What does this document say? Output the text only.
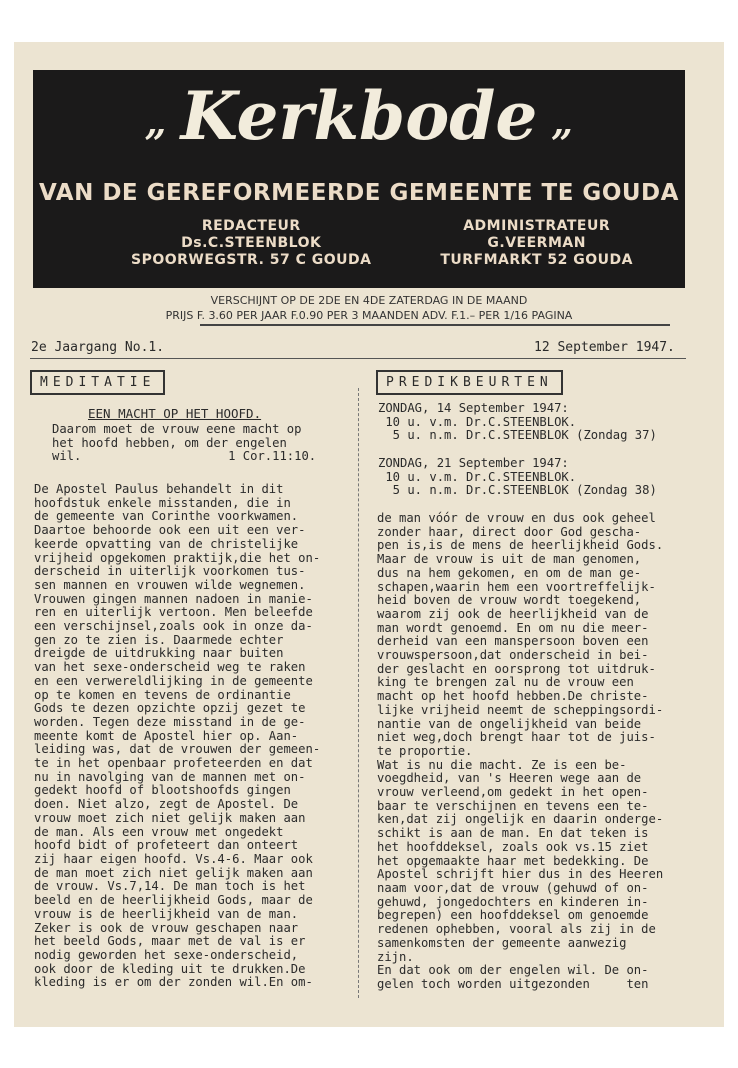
„ Kerkbode „
VAN DE GEREFORMEERDE GEMEENTE TE GOUDA
REDACTEUR
Ds.C.STEENBLOK
SPOORWEGSTR. 57 C GOUDA
ADMINISTRATEUR
G.VEERMAN
TURFMARKT 52 GOUDA
VERSCHIJNT OP DE 2DE EN 4DE ZATERDAG IN DE MAAND
PRIJS F. 3.60 PER JAAR F.0.90 PER 3 MAANDEN ADV. F.1.– PER 1/16 PAGINA
2e Jaargang No.1.	12 September 1947.
MEDITATIE	PREDIKBEURTEN
EEN MACHT OP HET HOOFD.
Daarom moet de vrouw eene macht op
het hoofd hebben, om der engelen
wil.                    1 Cor.11:10.
De Apostel Paulus behandelt in dit
hoofdstuk enkele misstanden, die in
de gemeente van Corinthe voorkwamen.
Daartoe behoorde ook een uit een ver-
keerde opvatting van de christelijke
vrijheid opgekomen praktijk,die het on-
derscheid in uiterlijk voorkomen tus-
sen mannen en vrouwen wilde wegnemen.
Vrouwen gingen mannen nadoen in manie-
ren en uiterlijk vertoon. Men beleefde
een verschijnsel,zoals ook in onze da-
gen zo te zien is. Daarmede echter
dreigde de uitdrukking naar buiten
van het sexe-onderscheid weg te raken
en een verwereldlijking in de gemeente
op te komen en tevens de ordinantie
Gods te dezen opzichte opzij gezet te
worden. Tegen deze misstand in de ge-
meente komt de Apostel hier op. Aan-
leiding was, dat de vrouwen der gemeen-
te in het openbaar profeteerden en dat
nu in navolging van de mannen met on-
gedekt hoofd of blootshoofds gingen
doen. Niet alzo, zegt de Apostel. De
vrouw moet zich niet gelijk maken aan
de man. Als een vrouw met ongedekt
hoofd bidt of profeteert dan onteert
zij haar eigen hoofd. Vs.4-6. Maar ook
de man moet zich niet gelijk maken aan
de vrouw. Vs.7,14. De man toch is het
beeld en de heerlijkheid Gods, maar de
vrouw is de heerlijkheid van de man.
Zeker is ook de vrouw geschapen naar
het beeld Gods, maar met de val is er
nodig geworden het sexe-onderscheid,
ook door de kleding uit te drukken.De
kleding is er om der zonden wil.En om-
ZONDAG, 14 September 1947:
10 u. v.m. Dr.C.STEENBLOK.
5 u. n.m. Dr.C.STEENBLOK (Zondag 37)

ZONDAG, 21 September 1947:
10 u. v.m. Dr.C.STEENBLOK.
5 u. n.m. Dr.C.STEENBLOK (Zondag 38)
de man vóór de vrouw en dus ook geheel
zonder haar, direct door God gescha-
pen is,is de mens de heerlijkheid Gods.
Maar de vrouw is uit de man genomen,
dus na hem gekomen, en om de man ge-
schapen,waarin hem een voortreffelijk-
heid boven de vrouw wordt toegekend,
waarom zij ook de heerlijkheid van de
man wordt genoemd. En om nu die meer-
derheid van een manspersoon boven een
vrouwspersoon,dat onderscheid in bei-
der geslacht en oorsprong tot uitdruk-
king te brengen zal nu de vrouw een
macht op het hoofd hebben.De christe-
lijke vrijheid neemt de scheppingsordi-
nantie van de ongelijkheid van beide
niet weg,doch brengt haar tot de juis-
te proportie.
Wat is nu die macht. Ze is een be-
voegdheid, van 's Heeren wege aan de
vrouw verleend,om gedekt in het open-
baar te verschijnen en tevens een te-
ken,dat zij ongelijk en daarin onderge-
schikt is aan de man. En dat teken is
het hoofddeksel, zoals ook vs.15 ziet
het opgemaakte haar met bedekking. De
Apostel schrijft hier dus in des Heeren
naam voor,dat de vrouw (gehuwd of on-
gehuwd, jongedochters en kinderen in-
begrepen) een hoofddeksel om genoemde
redenen ophebben, vooral als zij in de
samenkomsten der gemeente aanwezig
zijn.
En dat ook om der engelen wil. De on-
gelen toch worden uitgezonden     ten
